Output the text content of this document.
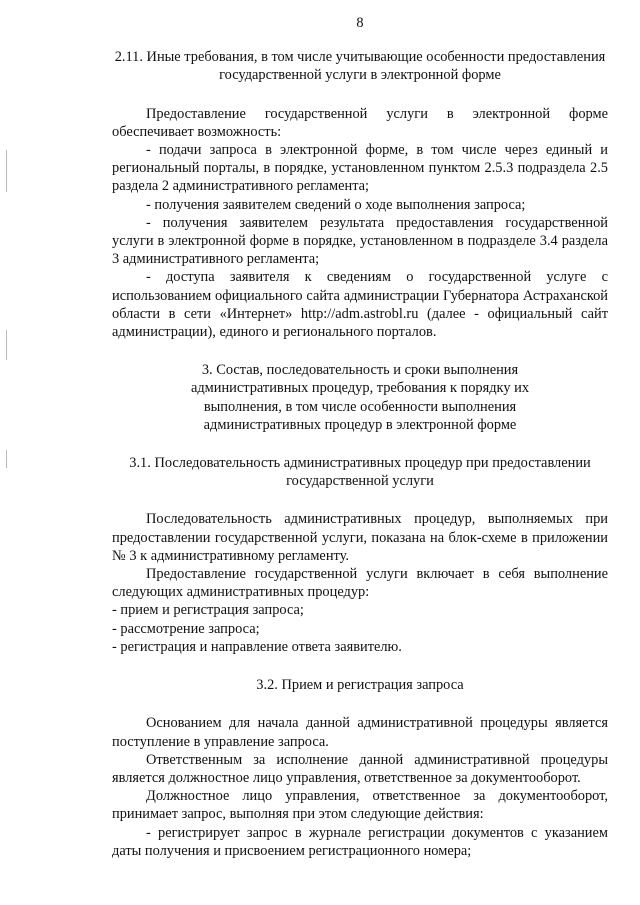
8
2.11. Иные требования, в том числе учитывающие особенности предоставления государственной услуги в электронной форме

Предоставление государственной услуги в электронной форме обеспечивает возможность:

- подачи запроса в электронной форме, в том числе через единый и региональный порталы, в порядке, установленном пунктом 2.5.3 подраздела 2.5 раздела 2 административного регламента;

- получения заявителем сведений о ходе выполнения запроса;

- получения заявителем результата предоставления государственной услуги в электронной форме в порядке, установленном в подразделе 3.4 раздела 3 административного регламента;

- доступа заявителя к сведениям о государственной услуге с использованием официального сайта администрации Губернатора Астраханской области в сети «Интернет» http://adm.astrobl.ru (далее - официальный сайт администрации), единого и регионального порталов.

3. Состав, последовательность и сроки выполнения
административных процедур, требования к порядку их
выполнения, в том числе особенности выполнения
административных процедур в электронной форме
3.1. Последовательность административных процедур при предоставлении
государственной услуги

Последовательность административных процедур, выполняемых при предоставлении государственной услуги, показана на блок-схеме в приложении № 3 к административному регламенту.

Предоставление государственной услуги включает в себя выполнение следующих административных процедур:

- прием и регистрация запроса;

- рассмотрение запроса;

- регистрация и направление ответа заявителю.

3.2. Прием и регистрация запроса

Основанием для начала данной административной процедуры является поступление в управление запроса.

Ответственным за исполнение данной административной процедуры является должностное лицо управления, ответственное за документооборот.

Должностное лицо управления, ответственное за документооборот, принимает запрос, выполняя при этом следующие действия:

- регистрирует запрос в журнале регистрации документов с указанием даты получения и присвоением регистрационного номера;
